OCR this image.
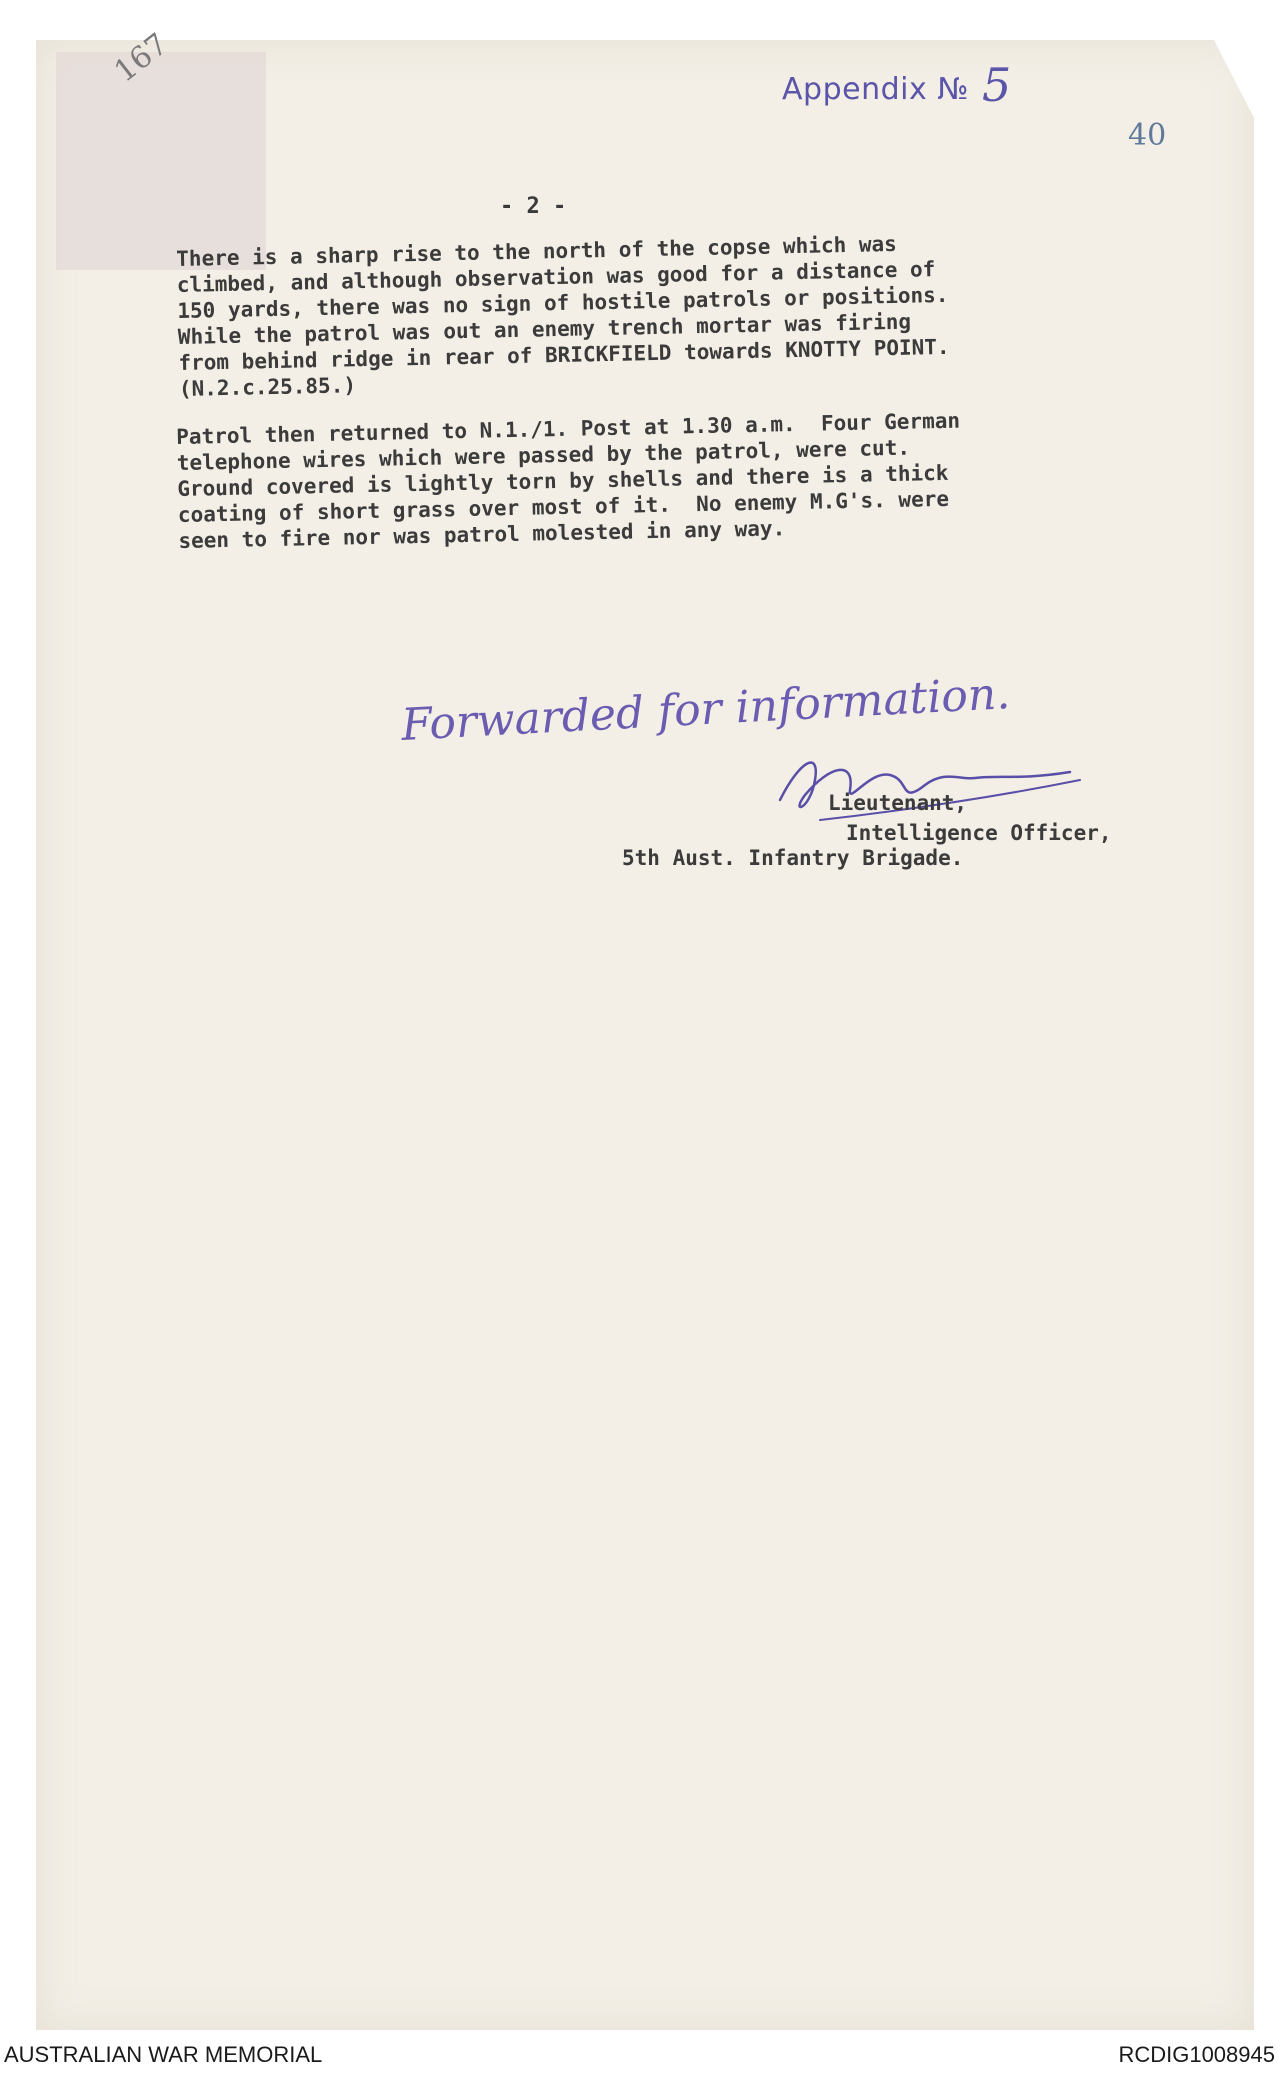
167	Appendix № 5
40
- 2 -

There is a sharp rise to the north of the copse which was
climbed, and although observation was good for a distance of
150 yards, there was no sign of hostile patrols or positions.
While the patrol was out an enemy trench mortar was firing
from behind ridge in rear of BRICKFIELD towards KNOTTY POINT.
(N.2.c.25.85.)

Patrol then returned to N.1./1. Post at 1.30 a.m.  Four German
telephone wires which were passed by the patrol, were cut.
Ground covered is lightly torn by shells and there is a thick
coating of short grass over most of it.  No enemy M.G's. were
seen to fire nor was patrol molested in any way.

Forwarded for information.
Lieutenant,
Intelligence Officer,
5th Aust. Infantry Brigade.
AUSTRALIAN WAR MEMORIAL	RCDIG1008945
